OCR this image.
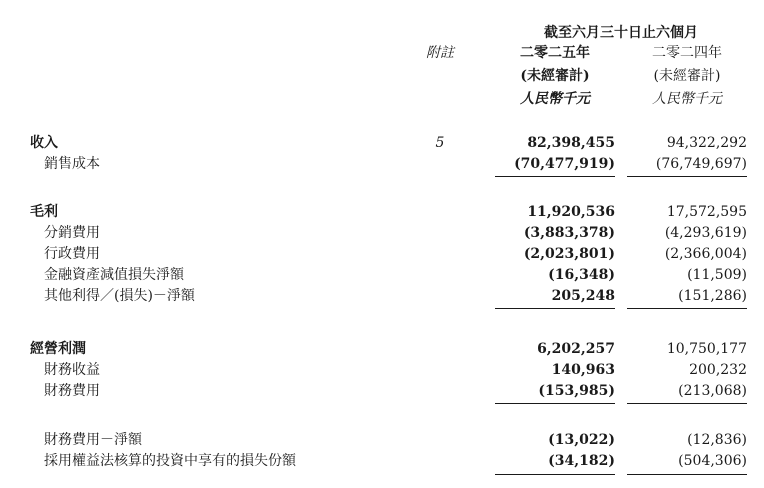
截至六月三十日止六個月
附註	二零二五年	二零二四年
(未經審計)	(未經審計)
人民幣千元	人民幣千元
收入	5	82,398,455	94,322,292
銷售成本	(70,477,919)	(76,749,697)
毛利	11,920,536	17,572,595
分銷費用	(3,883,378)	(4,293,619)
行政費用	(2,023,801)	(2,366,004)
金融資產減值損失淨額	(16,348)	(11,509)
其他利得／(損失)－淨額	205,248	(151,286)
經營利潤	6,202,257	10,750,177
財務收益	140,963	200,232
財務費用	(153,985)	(213,068)
財務費用－淨額	(13,022)	(12,836)
採用權益法核算的投資中享有的損失份額	(34,182)	(504,306)
